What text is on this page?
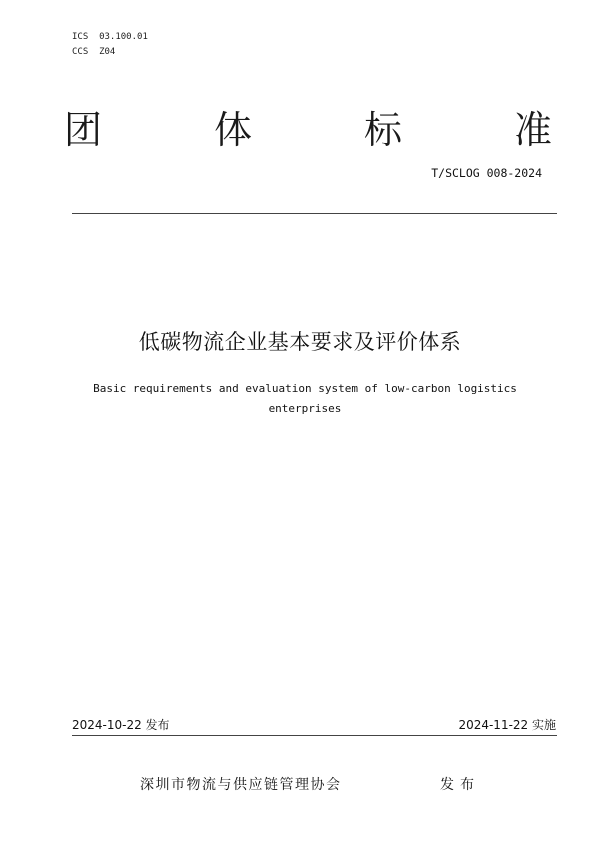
ICS  03.100.01
CCS  Z04
团	体	标	准
T/SCLOG 008-2024
低碳物流企业基本要求及评价体系
Basic requirements and evaluation system of low-carbon logistics
enterprises
2024-10-22 发布	2024-11-22 实施
深圳市物流与供应链管理协会	发布
